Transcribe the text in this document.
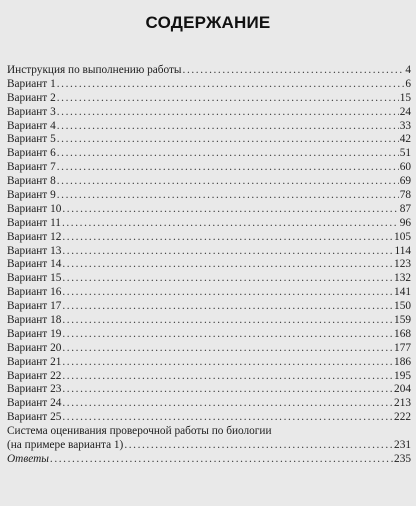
СОДЕРЖАНИЕ
Инструкция по выполнению работы .....	4
Вариант 1 .....	6
Вариант 2 .....	15
Вариант 3 .....	24
Вариант 4 .....	33
Вариант 5 .....	42
Вариант 6 .....	51
Вариант 7 .....	60
Вариант 8 .....	69
Вариант 9 .....	78
Вариант 10 .....	87
Вариант 11 .....	96
Вариант 12 .....	105
Вариант 13 .....	114
Вариант 14 .....	123
Вариант 15 .....	132
Вариант 16 .....	141
Вариант 17 .....	150
Вариант 18 .....	159
Вариант 19 .....	168
Вариант 20 .....	177
Вариант 21 .....	186
Вариант 22 .....	195
Вариант 23 .....	204
Вариант 24 .....	213
Вариант 25 .....	222
Система оценивания проверочной работы по биологии
(на примере варианта 1) .....	231
Ответы .....	235
